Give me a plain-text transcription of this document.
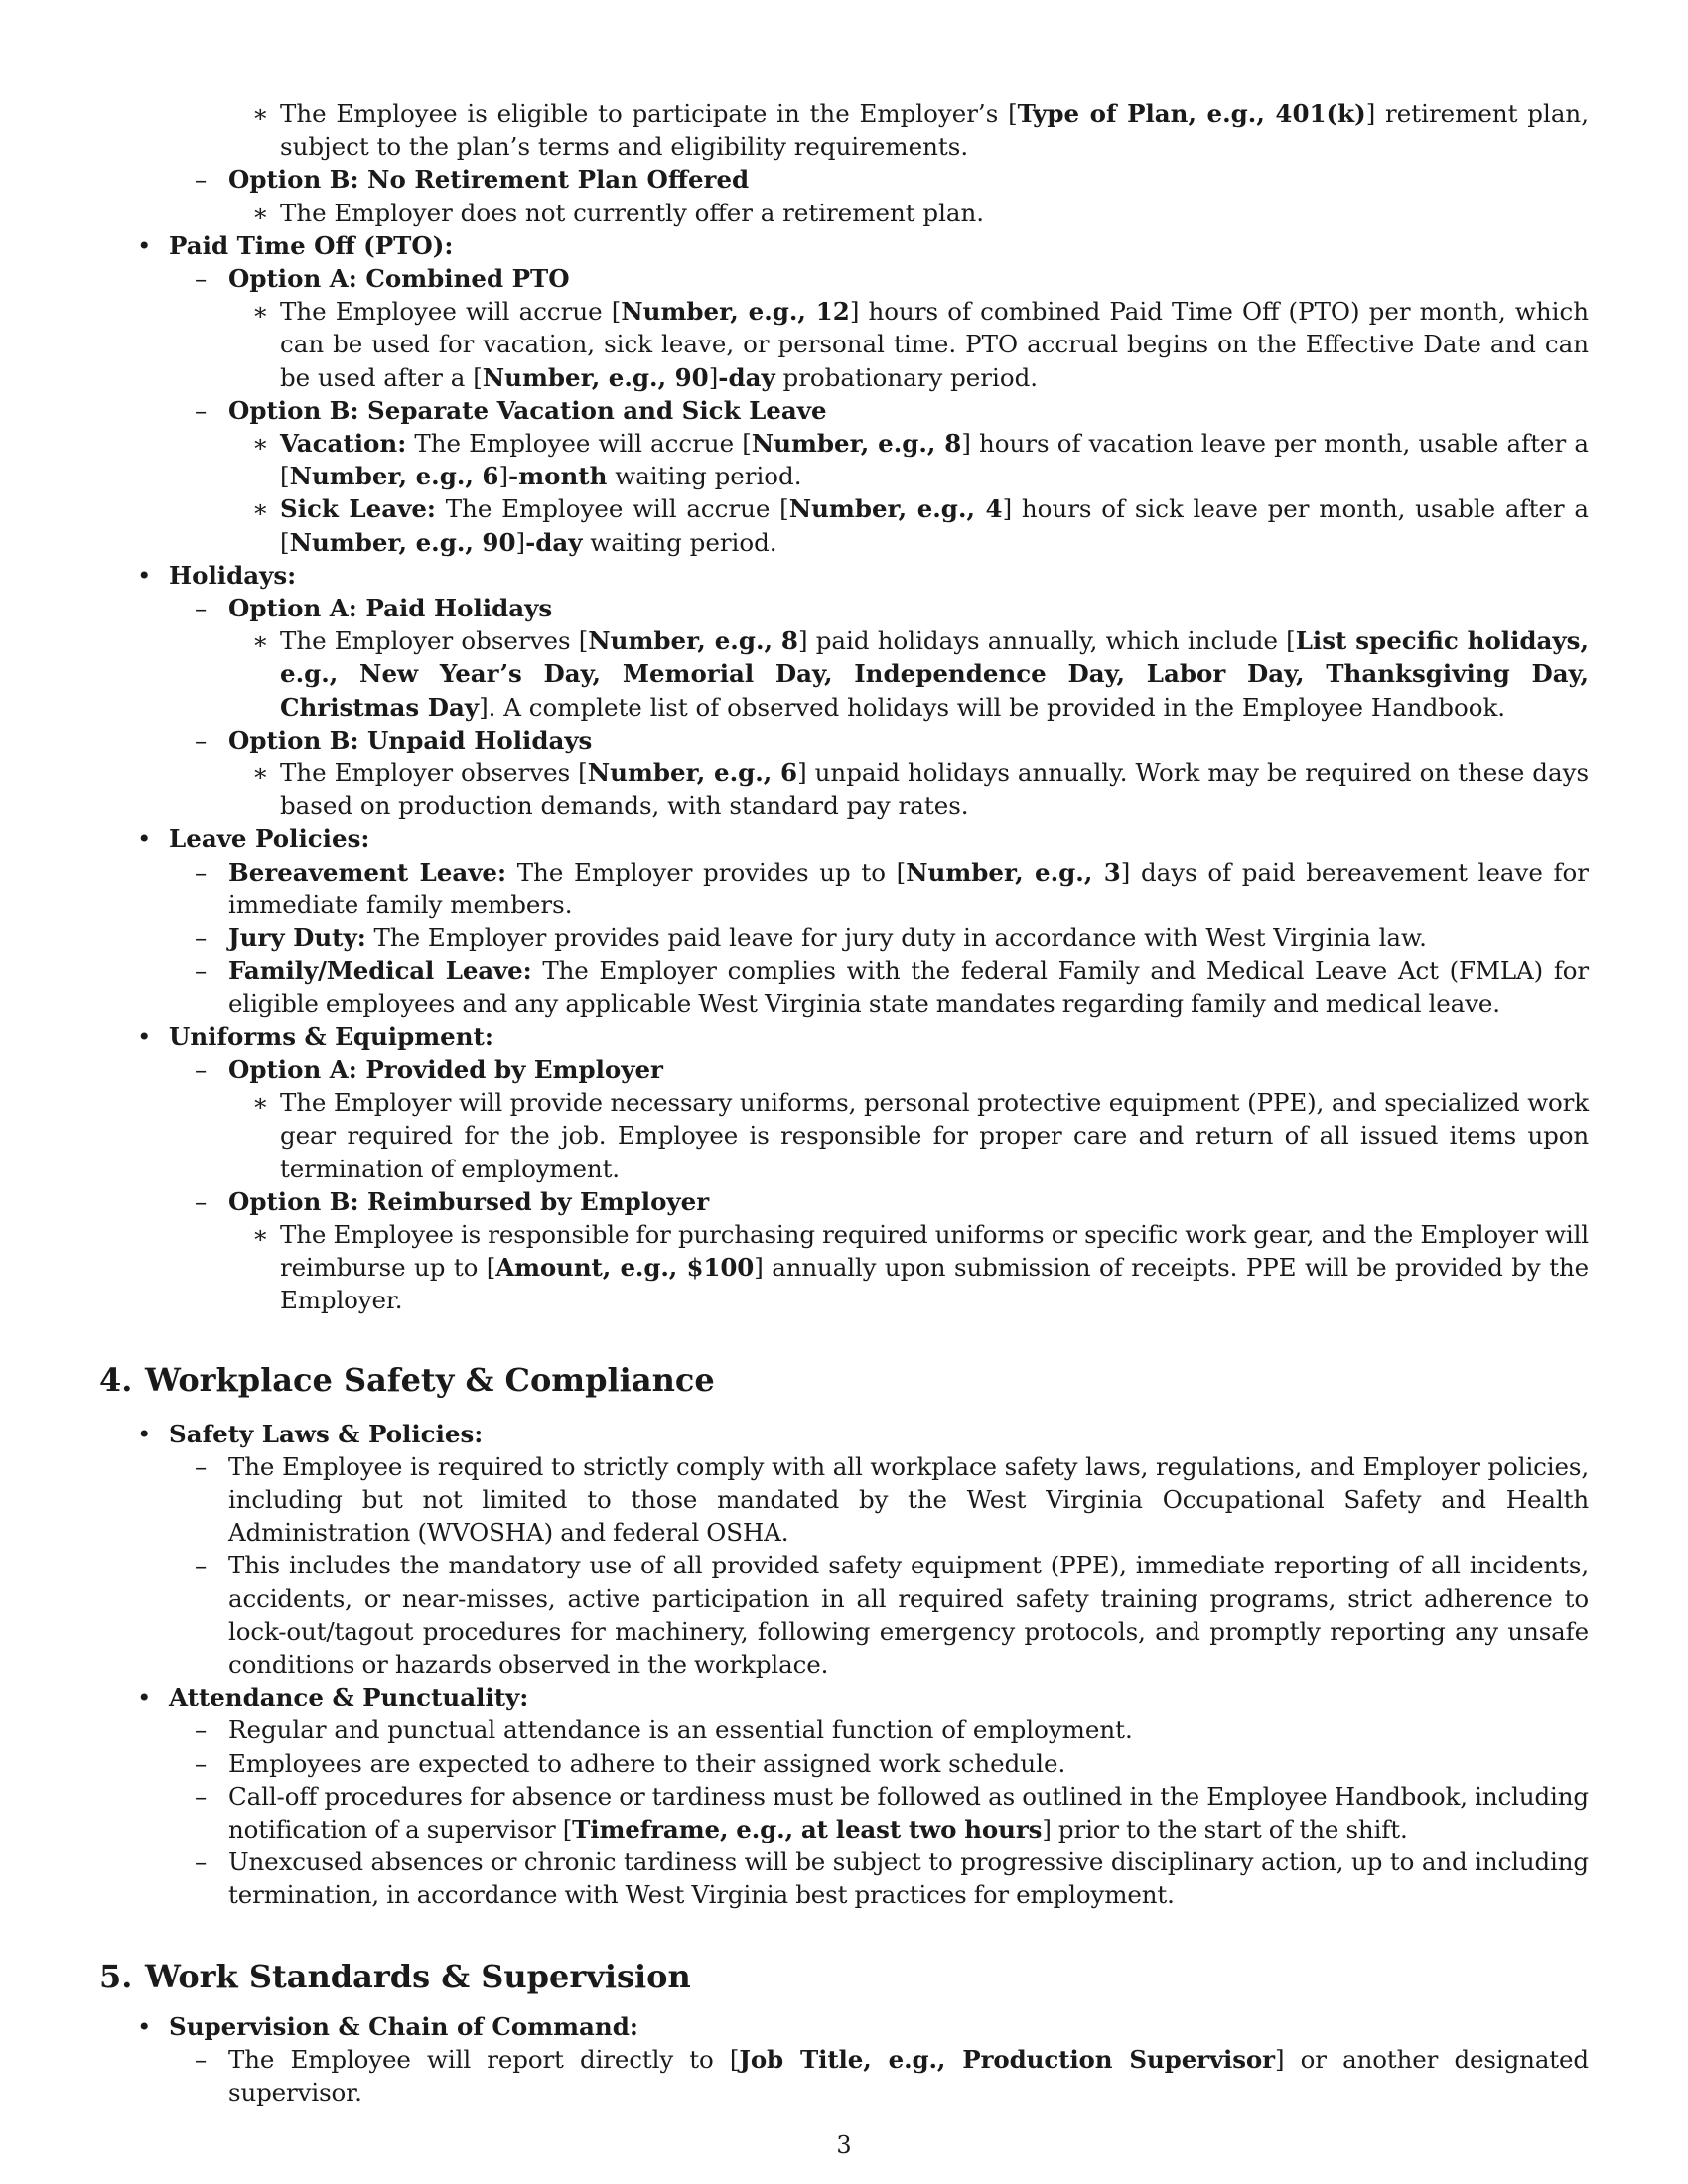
∗ The Employee is eligible to participate in the Employer’s [Type of Plan, e.g., 401(k)] retirement plan, subject to the plan’s terms and eligibility requirements.
– Option B: No Retirement Plan Offered
∗ The Employer does not currently offer a retirement plan.
• Paid Time Off (PTO):
– Option A: Combined PTO
∗ The Employee will accrue [Number, e.g., 12] hours of combined Paid Time Off (PTO) per month, which can be used for vacation, sick leave, or personal time. PTO accrual begins on the Effective Date and can be used after a [Number, e.g., 90]-day probationary period.
– Option B: Separate Vacation and Sick Leave
∗ Vacation: The Employee will accrue [Number, e.g., 8] hours of vacation leave per month, usable after a [Number, e.g., 6]-month waiting period.
∗ Sick Leave: The Employee will accrue [Number, e.g., 4] hours of sick leave per month, usable after a [Number, e.g., 90]-day waiting period.
• Holidays:
– Option A: Paid Holidays
∗ The Employer observes [Number, e.g., 8] paid holidays annually, which include [List specific holidays, e.g., New Year’s Day, Memorial Day, Independence Day, Labor Day, Thanksgiving Day, Christmas Day]. A complete list of observed holidays will be provided in the Employee Handbook.
– Option B: Unpaid Holidays
∗ The Employer observes [Number, e.g., 6] unpaid holidays annually. Work may be required on these days based on production demands, with standard pay rates.
• Leave Policies:
– Bereavement Leave: The Employer provides up to [Number, e.g., 3] days of paid bereavement leave for immediate family members.
– Jury Duty: The Employer provides paid leave for jury duty in accordance with West Virginia law.
– Family/Medical Leave: The Employer complies with the federal Family and Medical Leave Act (FMLA) for eligible employees and any applicable West Virginia state mandates regarding family and medical leave.
• Uniforms & Equipment:
– Option A: Provided by Employer
∗ The Employer will provide necessary uniforms, personal protective equipment (PPE), and specialized work gear required for the job. Employee is responsible for proper care and return of all issued items upon termination of employment.
– Option B: Reimbursed by Employer
∗ The Employee is responsible for purchasing required uniforms or specific work gear, and the Employer will reimburse up to [Amount, e.g., $100] annually upon submission of receipts. PPE will be provided by the Employer.
4. Workplace Safety & Compliance
• Safety Laws & Policies:
– The Employee is required to strictly comply with all workplace safety laws, regulations, and Employer policies, including but not limited to those mandated by the West Virginia Occupational Safety and Health Administration (WVOSHA) and federal OSHA.
– This includes the mandatory use of all provided safety equipment (PPE), immediate reporting of all incidents, accidents, or near-misses, active participation in all required safety training programs, strict adherence to lock-out/tagout procedures for machinery, following emergency protocols, and promptly reporting any unsafe conditions or hazards observed in the workplace.
• Attendance & Punctuality:
– Regular and punctual attendance is an essential function of employment.
– Employees are expected to adhere to their assigned work schedule.
– Call-off procedures for absence or tardiness must be followed as outlined in the Employee Handbook, including notification of a supervisor [Timeframe, e.g., at least two hours] prior to the start of the shift.
– Unexcused absences or chronic tardiness will be subject to progressive disciplinary action, up to and including termination, in accordance with West Virginia best practices for employment.
5. Work Standards & Supervision
• Supervision & Chain of Command:
– The Employee will report directly to [Job Title, e.g., Production Supervisor] or another designated supervisor.
3
